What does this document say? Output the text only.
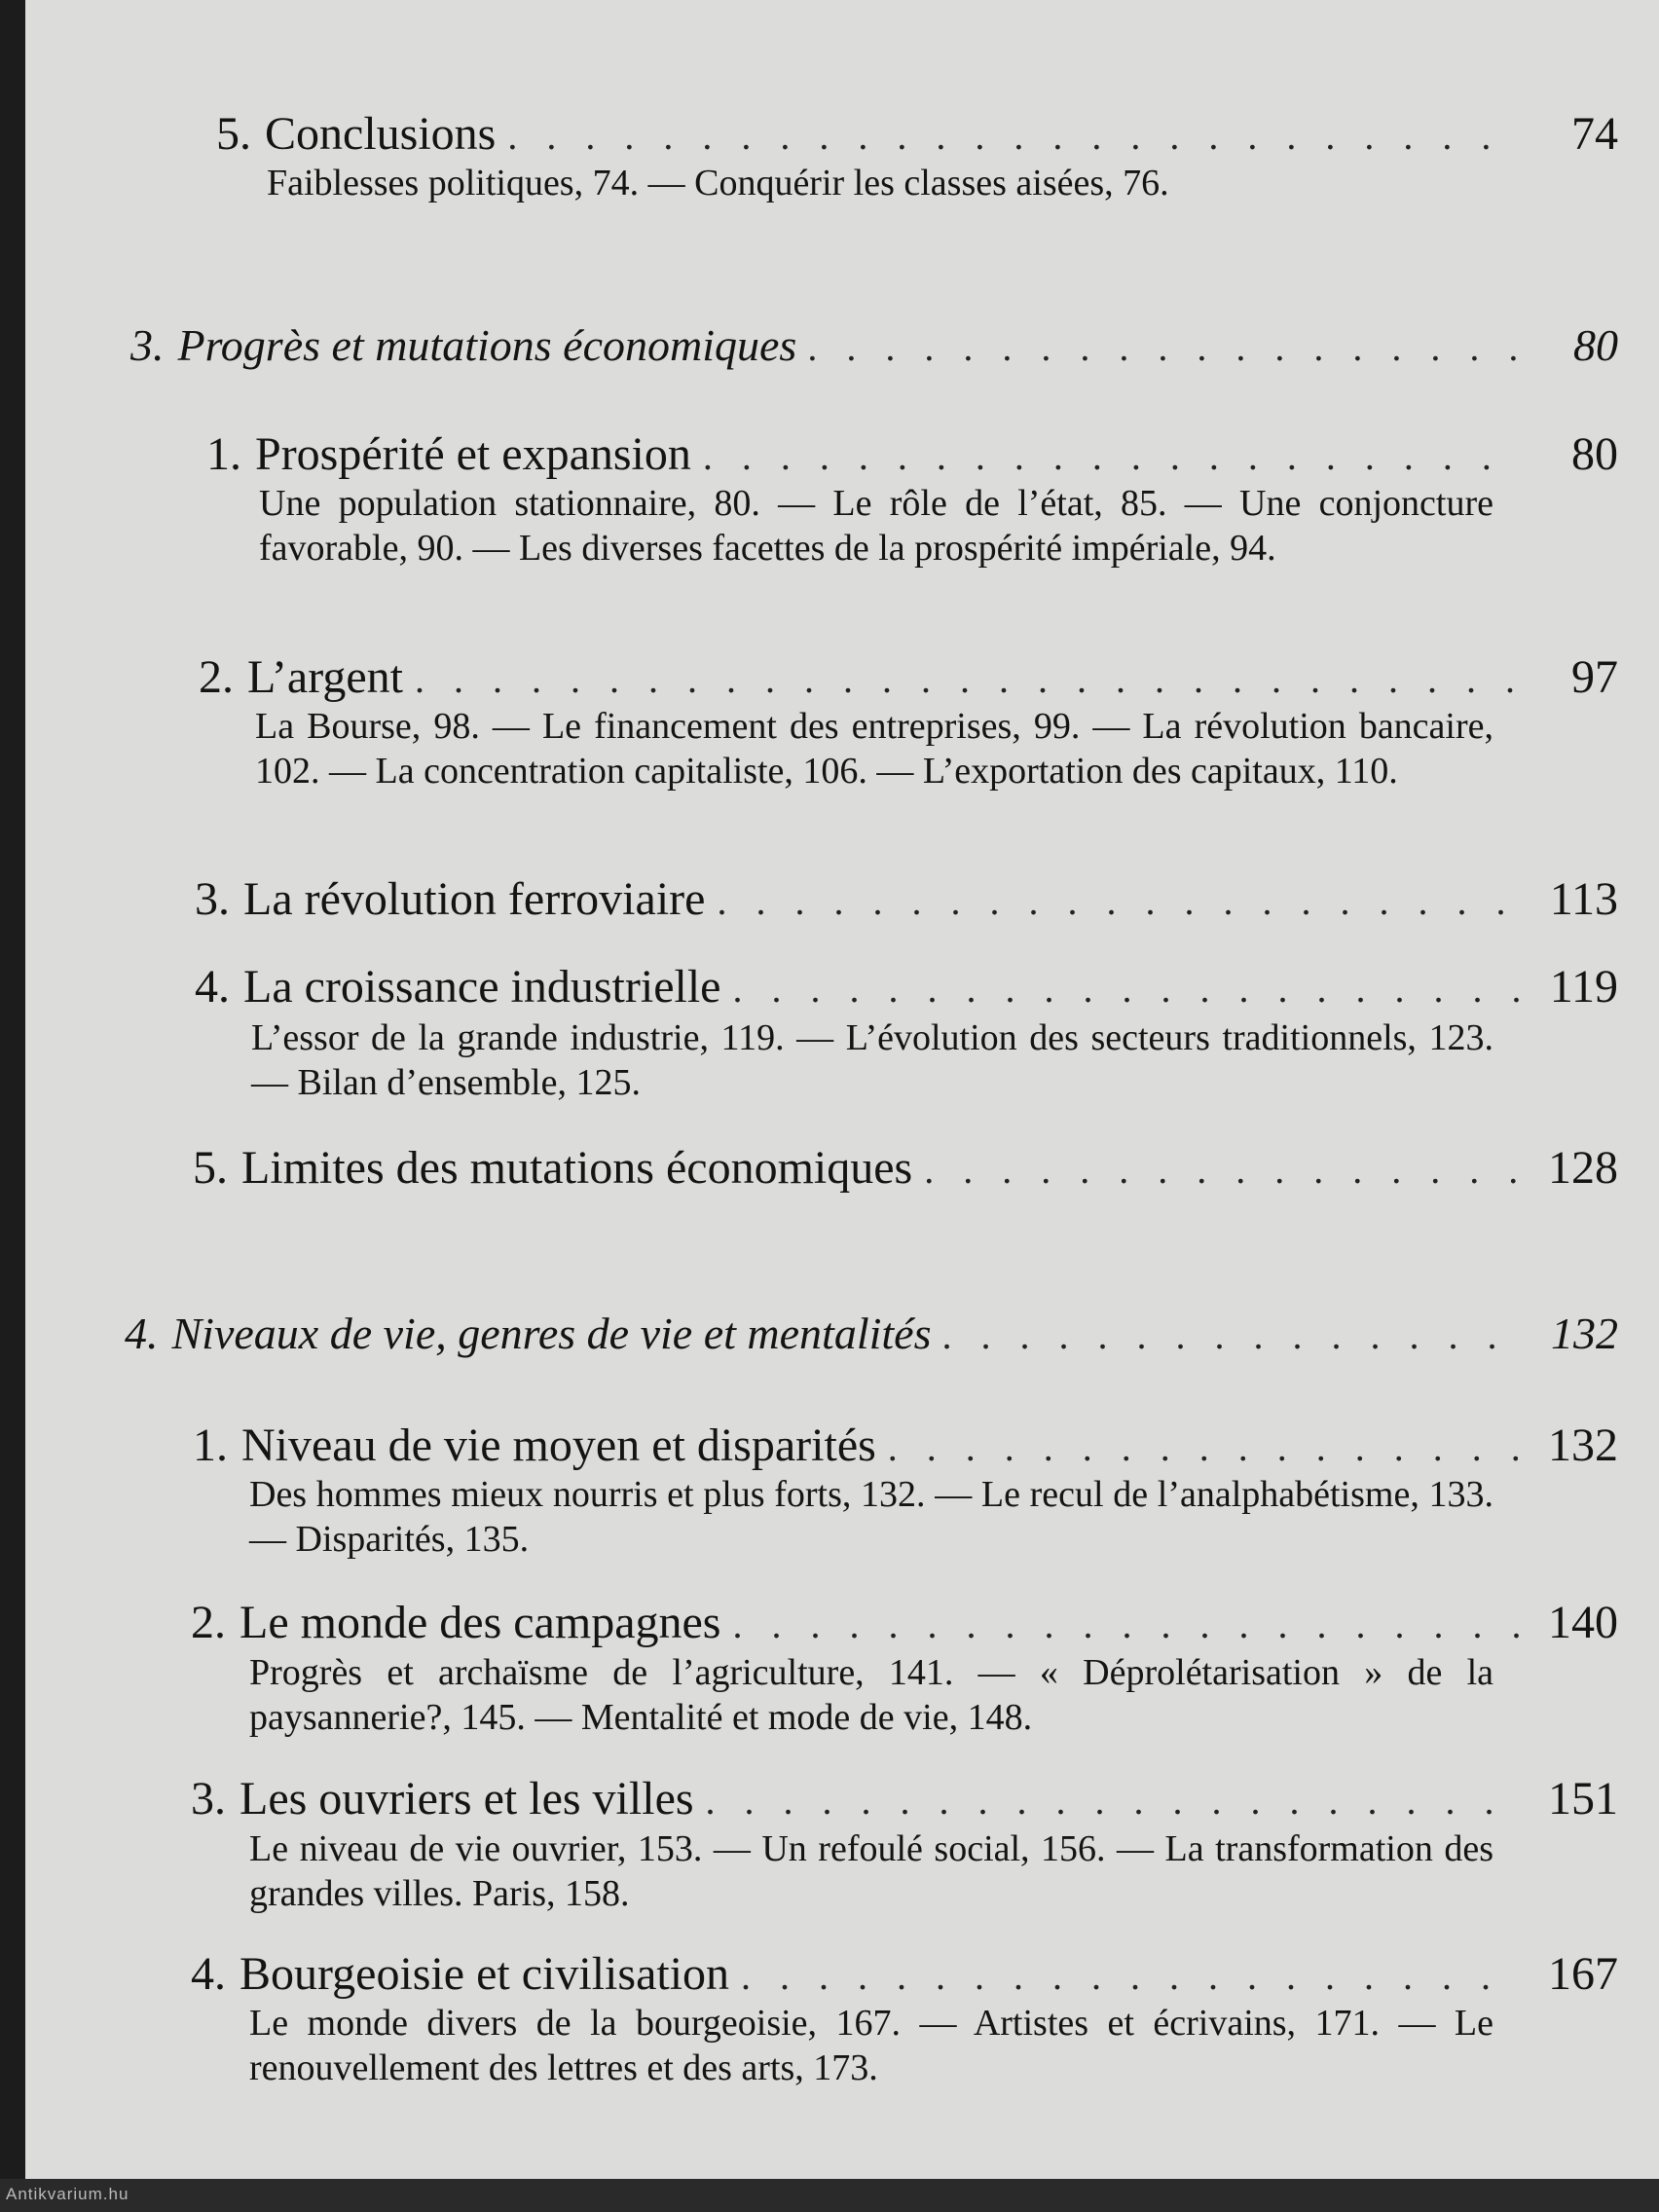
5. Conclusions . . .	74
Faiblesses politiques, 74. — Conquérir les classes aisées, 76.
3. Progrès et mutations économiques . . .	80
1. Prospérité et expansion . . .	80
Une population stationnaire, 80. — Le rôle de l’état, 85. — Une conjoncture favorable, 90. — Les diverses facettes de la prospérité impériale, 94.
2. L’argent . . .	97
La Bourse, 98. — Le financement des entreprises, 99. — La révolution bancaire, 102. — La concentration capitaliste, 106. — L’exportation des capitaux, 110.
3. La révolution ferroviaire . . .	113
4. La croissance industrielle . . .	119
L’essor de la grande industrie, 119. — L’évolution des secteurs traditionnels, 123. — Bilan d’ensemble, 125.
5. Limites des mutations économiques . . .	128
4. Niveaux de vie, genres de vie et mentalités . . .	132
1. Niveau de vie moyen et disparités . . .	132
Des hommes mieux nourris et plus forts, 132. — Le recul de l’analphabétisme, 133. — Disparités, 135.
2. Le monde des campagnes . . .	140
Progrès et archaïsme de l’agriculture, 141. — « Déprolétarisation » de la paysannerie?, 145. — Mentalité et mode de vie, 148.
3. Les ouvriers et les villes . . .	151
Le niveau de vie ouvrier, 153. — Un refoulé social, 156. — La transformation des grandes villes. Paris, 158.
4. Bourgeoisie et civilisation . . .	167
Le monde divers de la bourgeoisie, 167. — Artistes et écrivains, 171. — Le renouvellement des lettres et des arts, 173.
Antikvarium.hu
